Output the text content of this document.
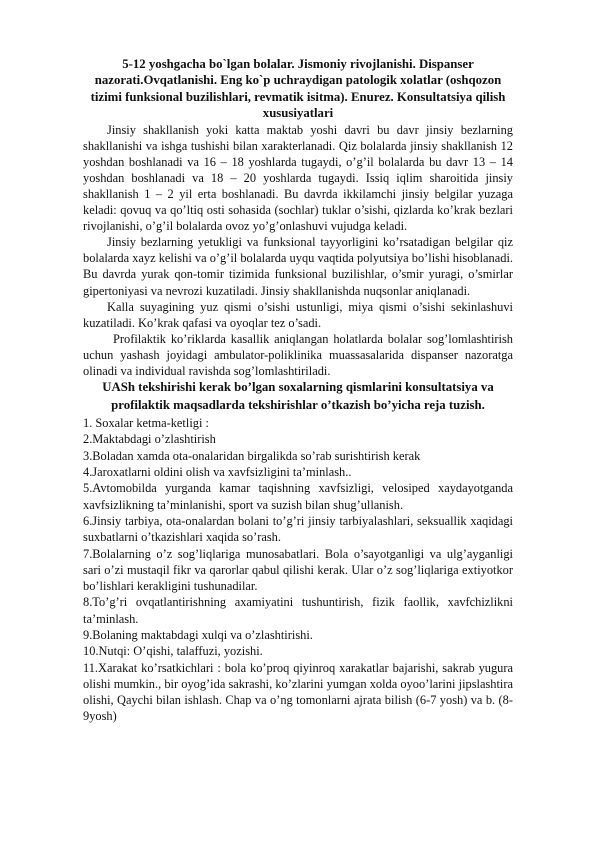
5-12 yoshgacha bo`lgan bolalar. Jismoniy rivojlanishi. Dispanser nazorati.Ovqatlanishi. Eng ko`p uchraydigan patologik xolatlar (oshqozon tizimi funksional buzilishlari, revmatik isitma). Enurez. Konsultatsiya qilish xususiyatlari

Jinsiy shakllanish yoki katta maktab yoshi davri bu davr jinsiy bezlarning shakllanishi va ishga tushishi bilan xarakterlanadi. Qiz bolalarda jinsiy shakllanish 12 yoshdan boshlanadi va 16 – 18 yoshlarda tugaydi, o’g’il bolalarda bu davr 13 – 14 yoshdan boshlanadi va 18 – 20 yoshlarda tugaydi. Issiq iqlim sharoitida jinsiy shakllanish 1 – 2 yil erta boshlanadi. Bu davrda ikkilamchi jinsiy belgilar yuzaga keladi: qovuq va qo’ltiq osti sohasida (sochlar) tuklar o’sishi, qizlarda ko’krak bezlari rivojlanishi, o’g’il bolalarda ovoz yo’g’onlashuvi vujudga keladi.

Jinsiy bezlarning yetukligi va funksional tayyorligini ko’rsatadigan belgilar qiz bolalarda xayz kelishi va o’g’il bolalarda uyqu vaqtida polyutsiya bo’lishi hisoblanadi. Bu davrda yurak qon-tomir tizimida funksional buzilishlar, o’smir yuragi, o’smirlar gipertoniyasi va nevrozi kuzatiladi. Jinsiy shakllanishda nuqsonlar aniqlanadi.

Kalla suyagining yuz qismi o’sishi ustunligi, miya qismi o’sishi sekinlashuvi kuzatiladi. Ko’krak qafasi va oyoqlar tez o’sadi.

Profilaktik ko’riklarda kasallik aniqlangan holatlarda bolalar sog’lomlashtirish uchun yashash joyidagi ambulator-poliklinika muassasalarida dispanser nazoratga olinadi va individual ravishda sog’lomlashtiriladi.

UASh tekshirishi kerak bo’lgan soxalarning qismlarini konsultatsiya va profilaktik maqsadlarda tekshirishlar o’tkazish bo’yicha reja tuzish.

1. Soxalar ketma-ketligi :

2.Maktabdagi o’zlashtirish

3.Boladan xamda ota-onalaridan birgalikda so’rab surishtirish kerak

4.Jaroxatlarni oldini olish va xavfsizligini ta’minlash..

5.Avtomobilda yurganda kamar taqishning xavfsizligi, velosiped xaydayotganda xavfsizlikning ta’minlanishi, sport va suzish bilan shug’ullanish.

6.Jinsiy tarbiya, ota-onalardan bolani to’g’ri jinsiy tarbiyalashlari, seksuallik xaqidagi suxbatlarni o’tkazishlari xaqida so’rash.

7.Bolalarning o’z sog’liqlariga munosabatlari. Bola o’sayotganligi va ulg’ayganligi sari o’zi mustaqil fikr va qarorlar qabul qilishi kerak. Ular o’z sog’liqlariga extiyotkor bo’lishlari kerakligini tushunadilar.

8.To’g’ri ovqatlantirishning axamiyatini tushuntirish, fizik faollik, xavfchizlikni ta’minlash.

9.Bolaning maktabdagi xulqi va o’zlashtirishi.

10.Nutqi: O’qishi, talaffuzi, yozishi.

11.Xarakat ko’rsatkichlari : bola ko’proq qiyinroq xarakatlar bajarishi, sakrab yugura olishi mumkin., bir oyog’ida sakrashi, ko’zlarini yumgan xolda oyoo’larini jipslashtira olishi, Qaychi bilan ishlash. Chap va o’ng tomonlarni ajrata bilish (6-7 yosh) va b. (8-9yosh)
